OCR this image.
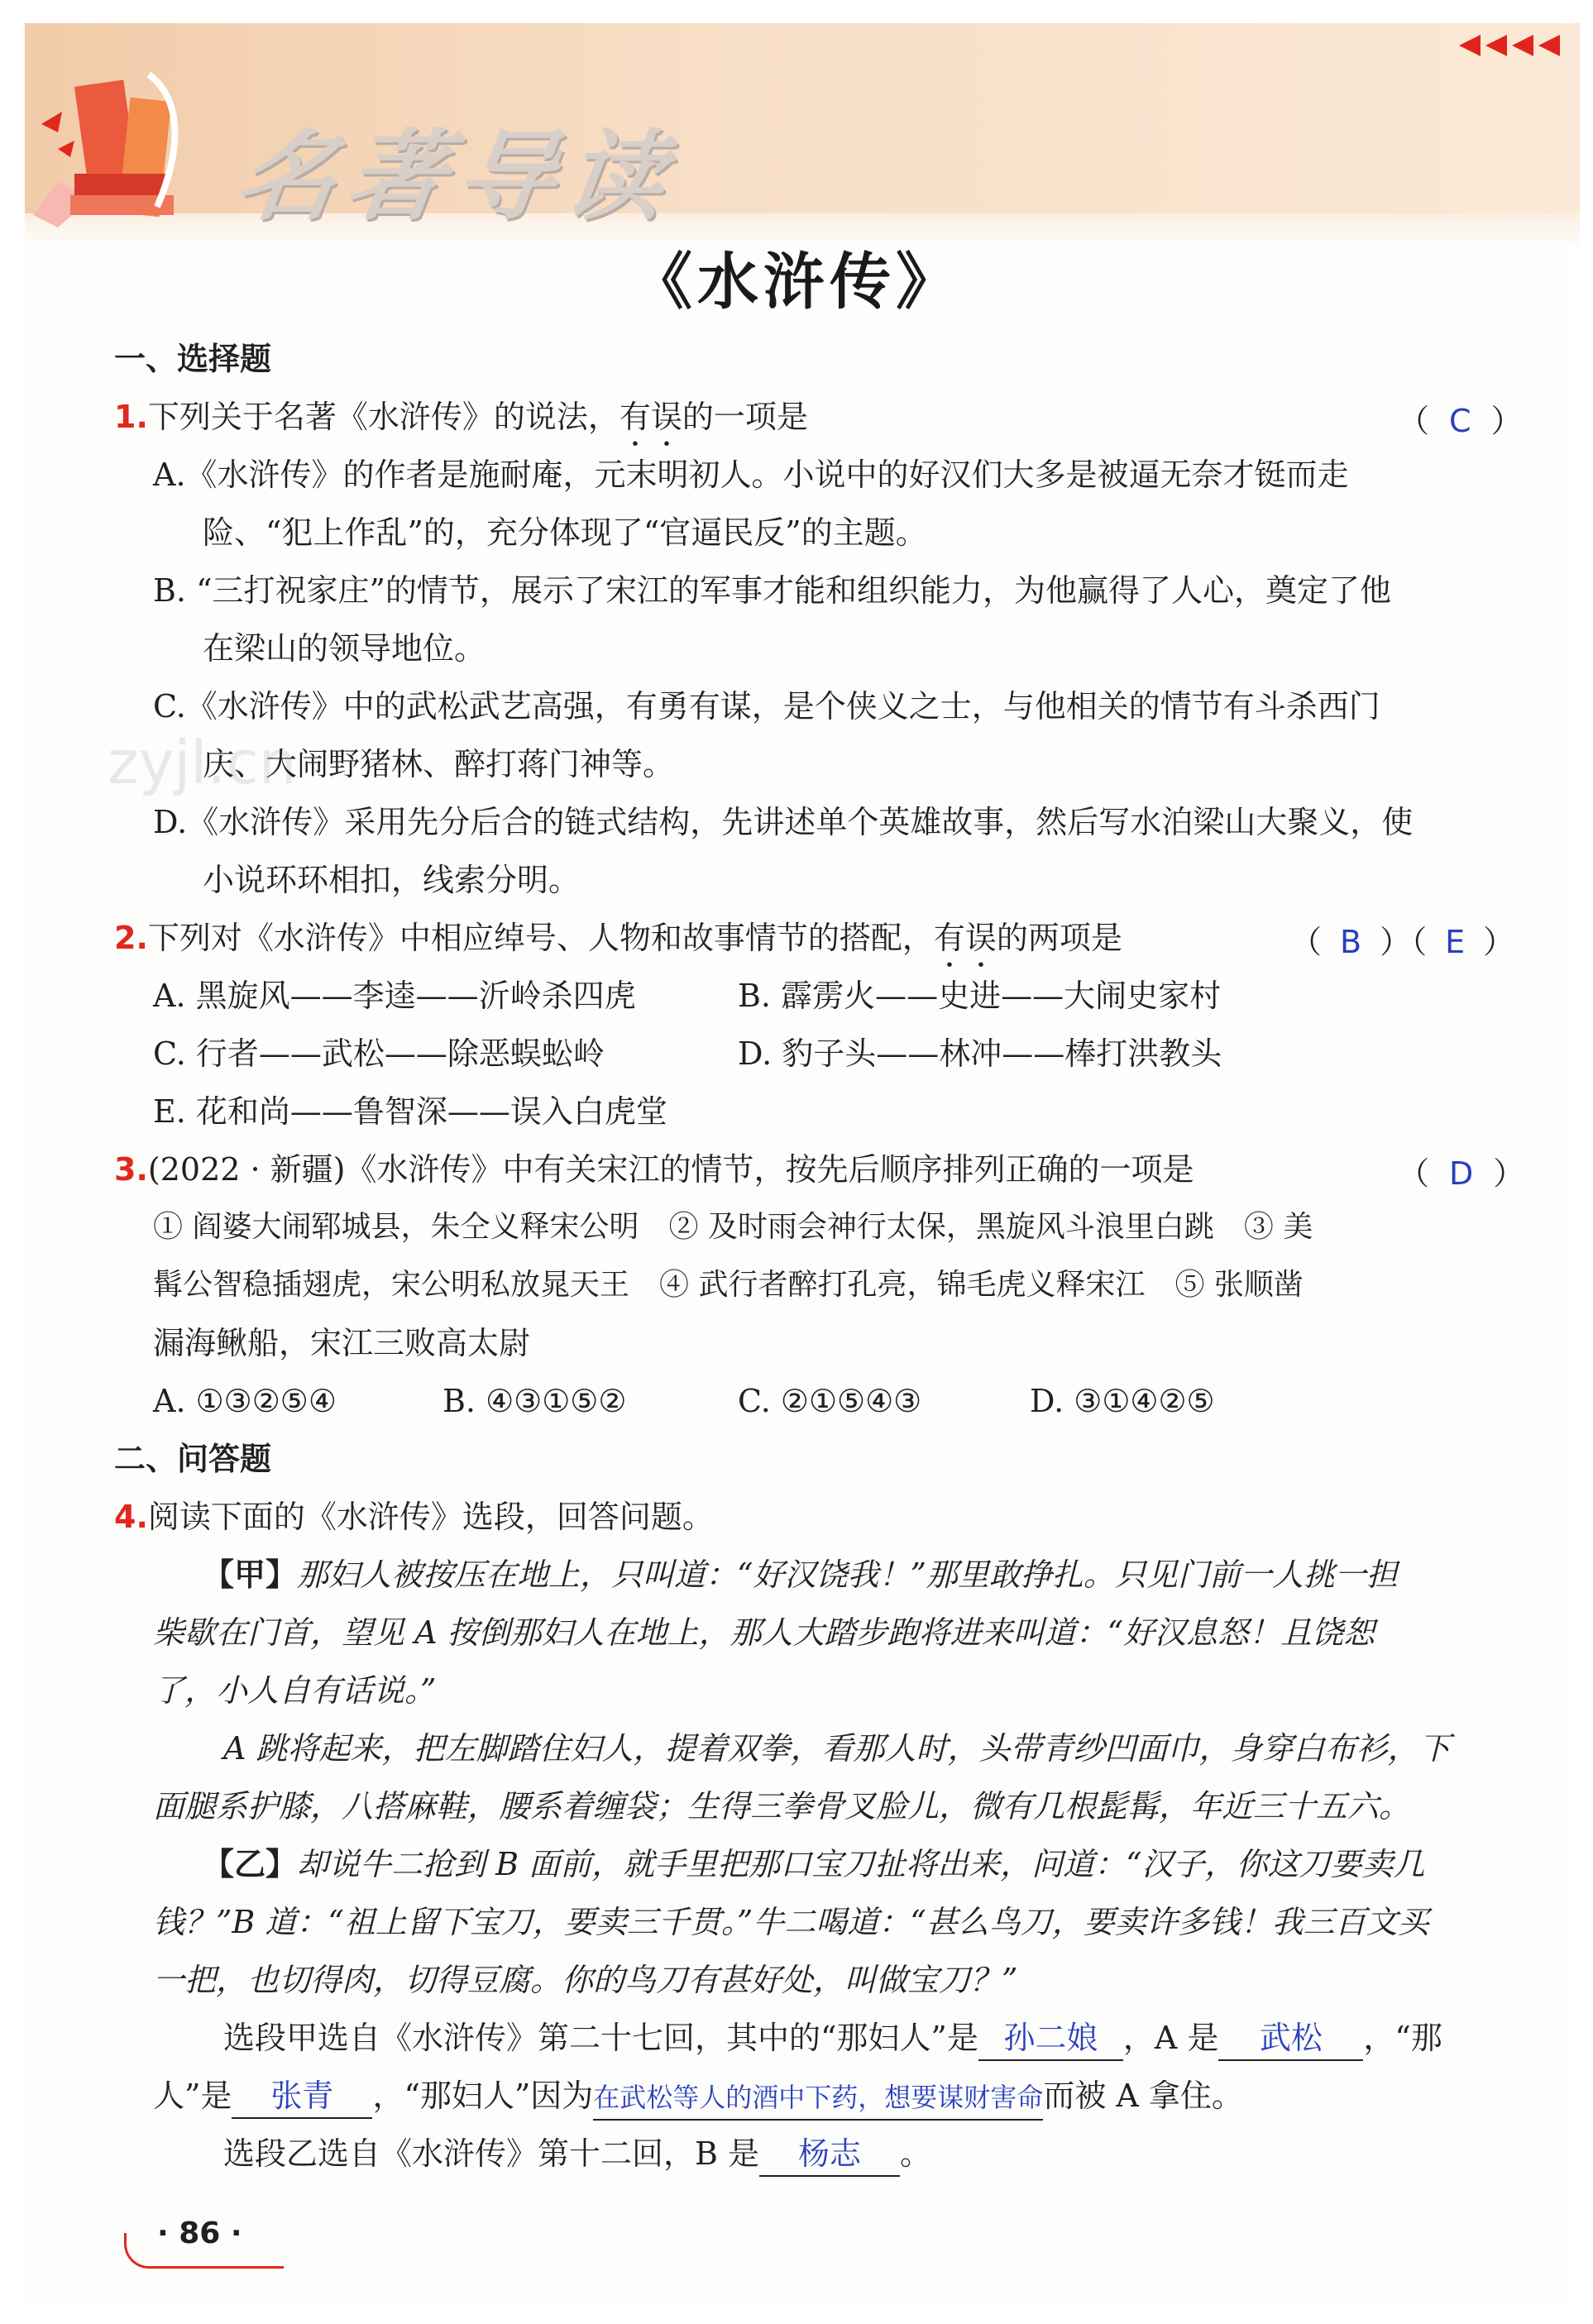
名著导读
zyjl.cn
《水浒传》
一、选择题
1.下列关于名著《水浒传》的说法，有误的一项是	（ C ）
A.《水浒传》的作者是施耐庵，元末明初人。小说中的好汉们大多是被逼无奈才铤而走
险、“犯上作乱”的，充分体现了“官逼民反”的主题。
B. “三打祝家庄”的情节，展示了宋江的军事才能和组织能力，为他赢得了人心，奠定了他
在梁山的领导地位。
C.《水浒传》中的武松武艺高强，有勇有谋，是个侠义之士，与他相关的情节有斗杀西门
庆、大闹野猪林、醉打蒋门神等。
D.《水浒传》采用先分后合的链式结构，先讲述单个英雄故事，然后写水泊梁山大聚义，使
小说环环相扣，线索分明。
2.下列对《水浒传》中相应绰号、人物和故事情节的搭配，有误的两项是	（ B ）（ E ）
A. 黑旋风——李逵——沂岭杀四虎	B. 霹雳火——史进——大闹史家村
C. 行者——武松——除恶蜈蚣岭	D. 豹子头——林冲——棒打洪教头
E. 花和尚——鲁智深——误入白虎堂
3.(2022 · 新疆)《水浒传》中有关宋江的情节，按先后顺序排列正确的一项是	（ D ）
① 阎婆大闹郓城县，朱仝义释宋公明　② 及时雨会神行太保，黑旋风斗浪里白跳　③ 美
髯公智稳插翅虎，宋公明私放晁天王　④ 武行者醉打孔亮，锦毛虎义释宋江　⑤ 张顺凿
漏海鳅船，宋江三败高太尉
A. ①③②⑤④	B. ④③①⑤②	C. ②①⑤④③	D. ③①④②⑤
二、问答题
4.阅读下面的《水浒传》选段，回答问题。
【甲】那妇人被按压在地上，只叫道：“好汉饶我！”那里敢挣扎。只见门前一人挑一担
柴歇在门首，望见 A 按倒那妇人在地上，那人大踏步跑将进来叫道：“好汉息怒！且饶恕
了，小人自有话说。”
A 跳将起来，把左脚踏住妇人，提着双拳，看那人时，头带青纱凹面巾，身穿白布衫，下
面腿系护膝，八搭麻鞋，腰系着缠袋；生得三拳骨叉脸儿，微有几根髭髯，年近三十五六。
【乙】却说牛二抢到 B 面前，就手里把那口宝刀扯将出来，问道：“汉子，你这刀要卖几
钱？”B 道：“祖上留下宝刀，要卖三千贯。”牛二喝道：“甚么鸟刀，要卖许多钱！我三百文买
一把，也切得肉，切得豆腐。你的鸟刀有甚好处，叫做宝刀？”
选段甲选自《水浒传》第二十七回，其中的“那妇人”是 孙二娘 ，A 是 武松 ，“那
人”是 张青 ，“那妇人”因为在武松等人的酒中下药，想要谋财害命而被 A 拿住。
选段乙选自《水浒传》第十二回，B 是 杨志 。
· 86 ·
